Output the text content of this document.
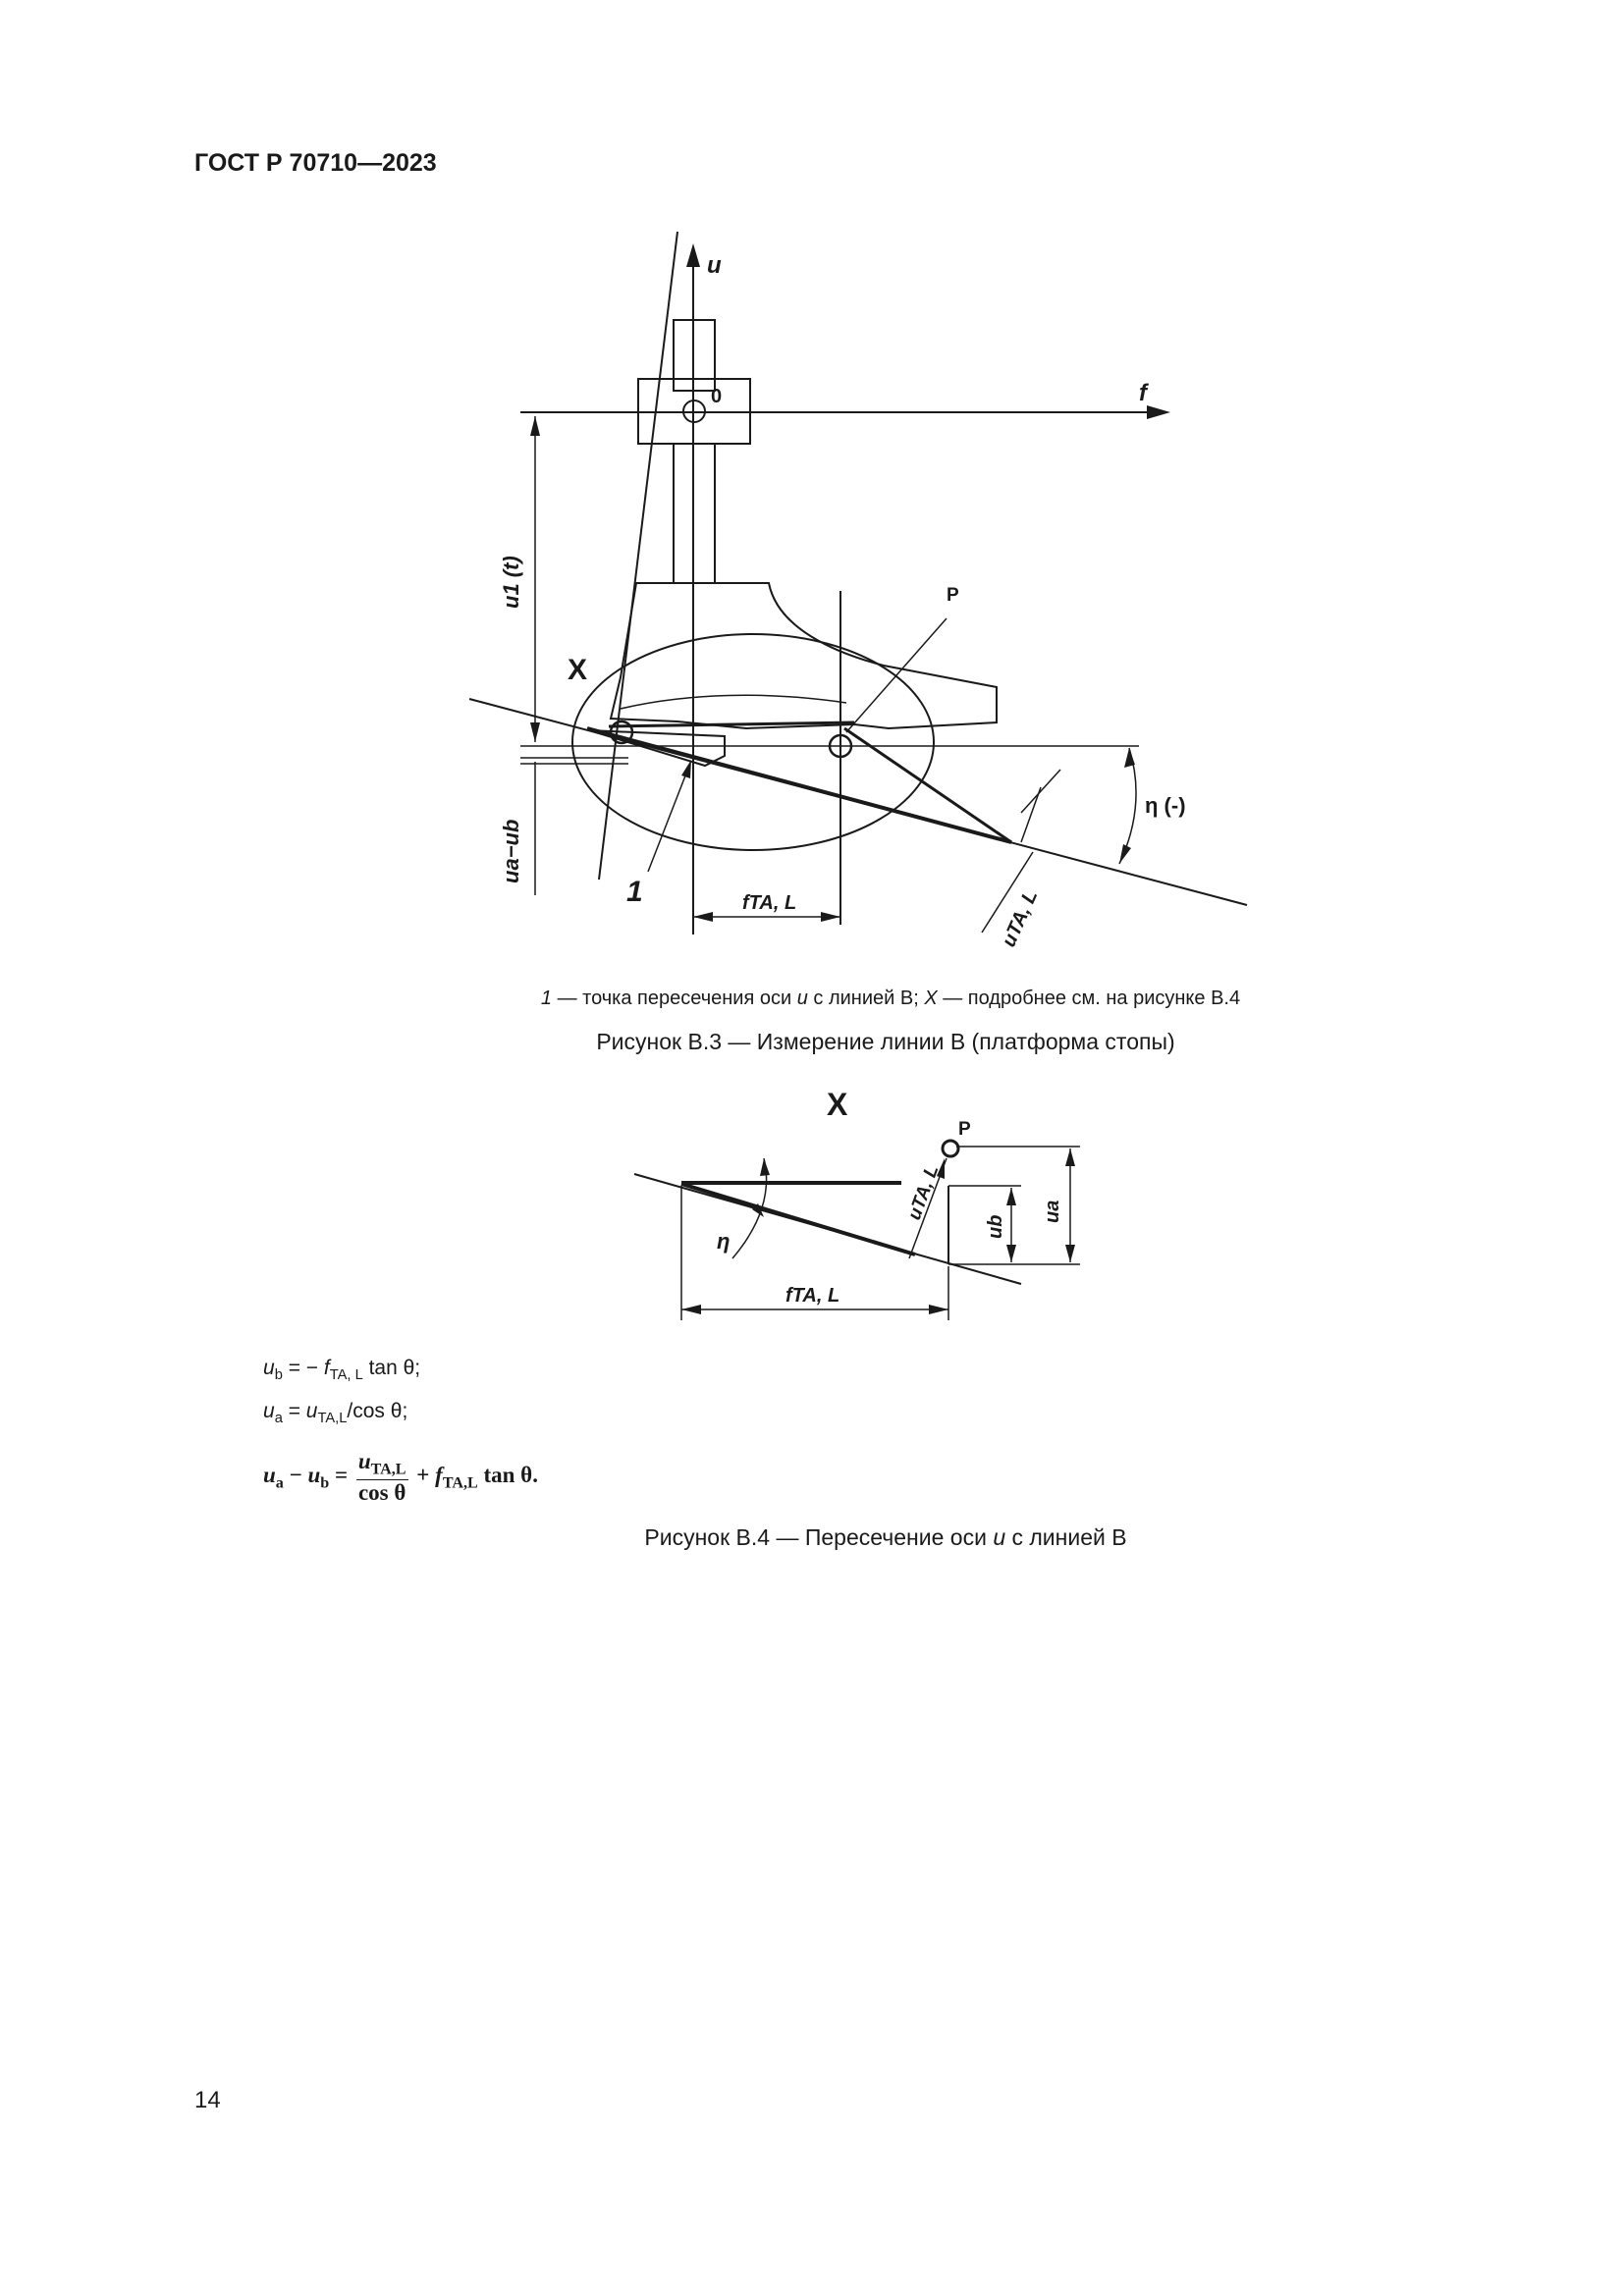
ГОСТ Р 70710—2023
u
f
0
X
P
u1 (t)
ua−ub
fTA, L	uTA, L
η (-)
1
X
P
uTA, L
ub
ua
η
fTA, L
1 — точка пересечения оси u с линией В; X — подробнее см. на рисунке В.4
Рисунок В.3 — Измерение линии В (платформа стопы)
$u_b$ = − $f_{TA, L}$ tan θ;
$u_a = u_{TA,L}/\cos$ θ;
$u_a - u_b = \frac{u_{TA,L}}{\text{cos θ}} + f_{TA,L}$ tan θ.
Рисунок В.4 — Пересечение оси u с линией В
14
